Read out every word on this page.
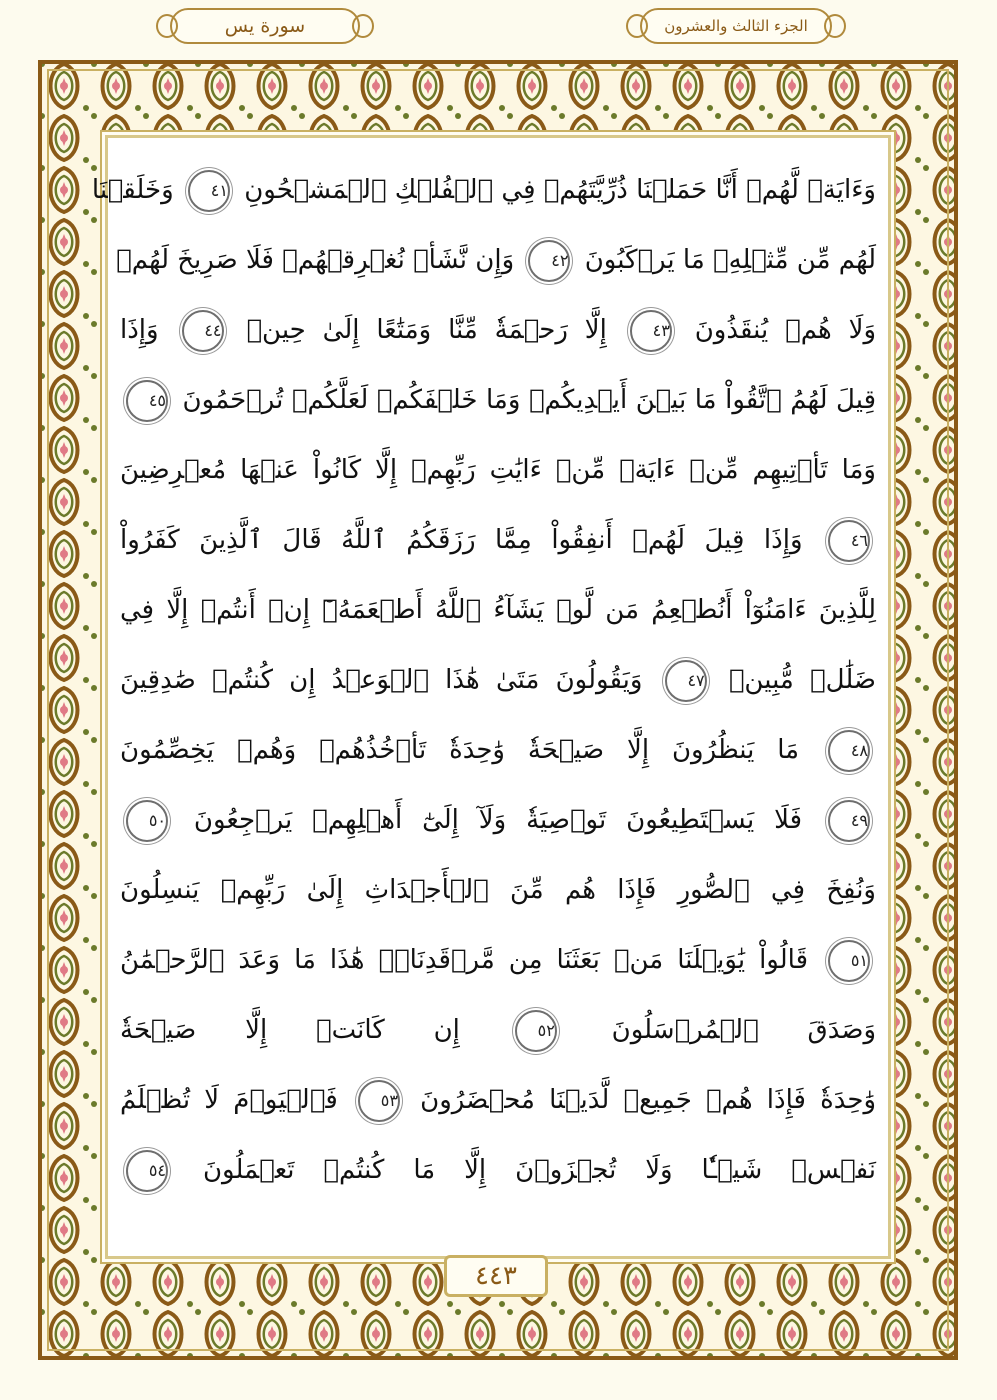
سورة يس	الجزء الثالث والعشرون
وَءَايَةٞ لَّهُمۡ أَنَّا حَمَلۡنَا ذُرِّيَّتَهُمۡ فِي ٱلۡفُلۡكِ ٱلۡمَشۡحُونِ ٤١ وَخَلَقۡنَا
لَهُم مِّن مِّثۡلِهِۦ مَا يَرۡكَبُونَ ٤٢ وَإِن نَّشَأۡ نُغۡرِقۡهُمۡ فَلَا صَرِيخَ لَهُمۡ
وَلَا هُمۡ يُنقَذُونَ ٤٣ إِلَّا رَحۡمَةٗ مِّنَّا وَمَتَٰعًا إِلَىٰ حِينٖ ٤٤ وَإِذَا
قِيلَ لَهُمُ ٱتَّقُواْ مَا بَيۡنَ أَيۡدِيكُمۡ وَمَا خَلۡفَكُمۡ لَعَلَّكُمۡ تُرۡحَمُونَ ٤٥
وَمَا تَأۡتِيهِم مِّنۡ ءَايَةٖ مِّنۡ ءَايَٰتِ رَبِّهِمۡ إِلَّا كَانُواْ عَنۡهَا مُعۡرِضِينَ
٤٦ وَإِذَا قِيلَ لَهُمۡ أَنفِقُواْ مِمَّا رَزَقَكُمُ ٱللَّهُ قَالَ ٱلَّذِينَ كَفَرُواْ
لِلَّذِينَ ءَامَنُوٓاْ أَنُطۡعِمُ مَن لَّوۡ يَشَآءُ ٱللَّهُ أَطۡعَمَهُۥٓ إِنۡ أَنتُمۡ إِلَّا فِي
ضَلَٰلٖ مُّبِينٖ ٤٧ وَيَقُولُونَ مَتَىٰ هَٰذَا ٱلۡوَعۡدُ إِن كُنتُمۡ صَٰدِقِينَ
٤٨ مَا يَنظُرُونَ إِلَّا صَيۡحَةٗ وَٰحِدَةٗ تَأۡخُذُهُمۡ وَهُمۡ يَخِصِّمُونَ
٤٩ فَلَا يَسۡتَطِيعُونَ تَوۡصِيَةٗ وَلَآ إِلَىٰٓ أَهۡلِهِمۡ يَرۡجِعُونَ ٥٠
وَنُفِخَ فِي ٱلصُّورِ فَإِذَا هُم مِّنَ ٱلۡأَجۡدَاثِ إِلَىٰ رَبِّهِمۡ يَنسِلُونَ
٥١ قَالُواْ يَٰوَيۡلَنَا مَنۢ بَعَثَنَا مِن مَّرۡقَدِنَاۜۗ هَٰذَا مَا وَعَدَ ٱلرَّحۡمَٰنُ
وَصَدَقَ ٱلۡمُرۡسَلُونَ ٥٢ إِن كَانَتۡ إِلَّا صَيۡحَةٗ
وَٰحِدَةٗ فَإِذَا هُمۡ جَمِيعٞ لَّدَيۡنَا مُحۡضَرُونَ ٥٣ فَٱلۡيَوۡمَ لَا تُظۡلَمُ
نَفۡسٞ شَيۡـٔٗا وَلَا تُجۡزَوۡنَ إِلَّا مَا كُنتُمۡ تَعۡمَلُونَ ٥٤
٤٤٣
